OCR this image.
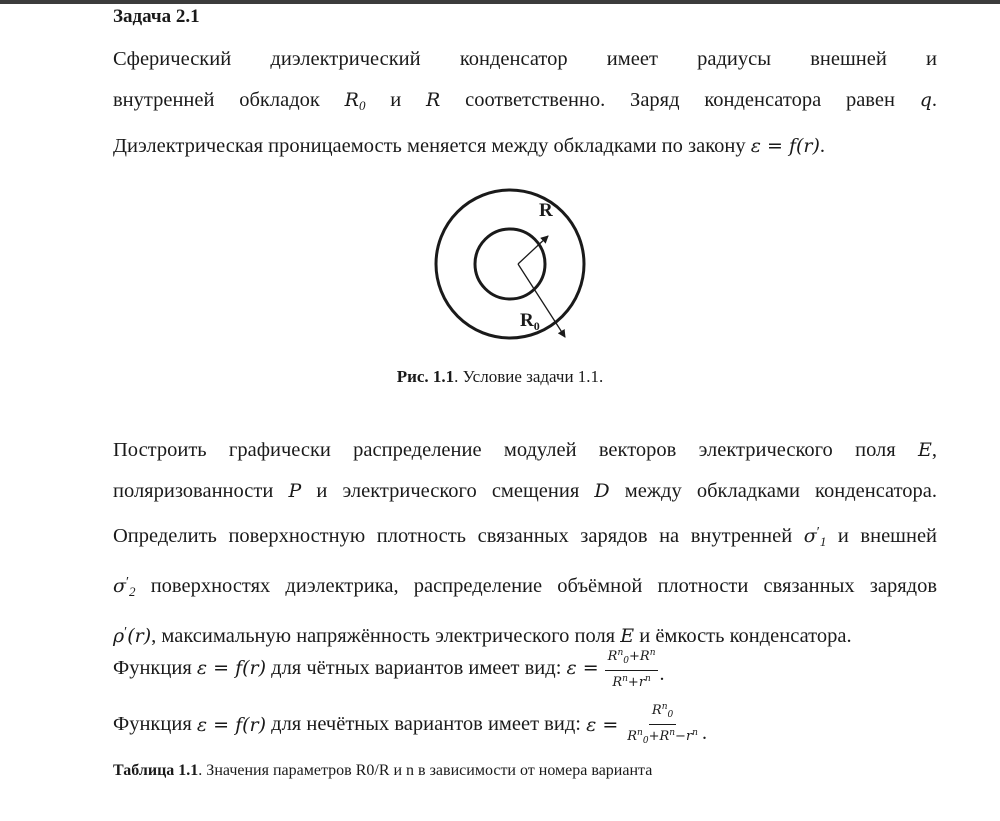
Задача 2.1
Сферический диэлектрический конденсатор имеет радиусы внешней и
внутренней обкладок $R_0$ и R соответственно. Заряд конденсатора равен q.
Диэлектрическая проницаемость меняется между обкладками по закону ε = f(r).
R
$R_0$
Рис. 1.1. Условие задачи 1.1.
Построить графически распределение модулей векторов электрического поля E,
поляризованности P и электрического смещения D между обкладками конденсатора.
Определить поверхностную плотность связанных зарядов на внутренней $\sigma'_1$ и внешней
$\sigma'_2$ поверхностях диэлектрика, распределение объёмной плотности связанных зарядов
ρ′(r), максимальную напряжённость электрического поля E и ёмкость конденсатора.
Функция
ε = f(r)
для чётных вариантов имеет вид:
$\varepsilon = \frac{R^n_0+R^n}{R^n+r^n}$ .
Функция
ε = f(r)
для нечётных вариантов имеет вид:
$\varepsilon = \frac{R^n_0}{R^n_0+R^n-r^n}$ .
Таблица 1.1. Значения параметров R0/R и n в зависимости от номера варианта
